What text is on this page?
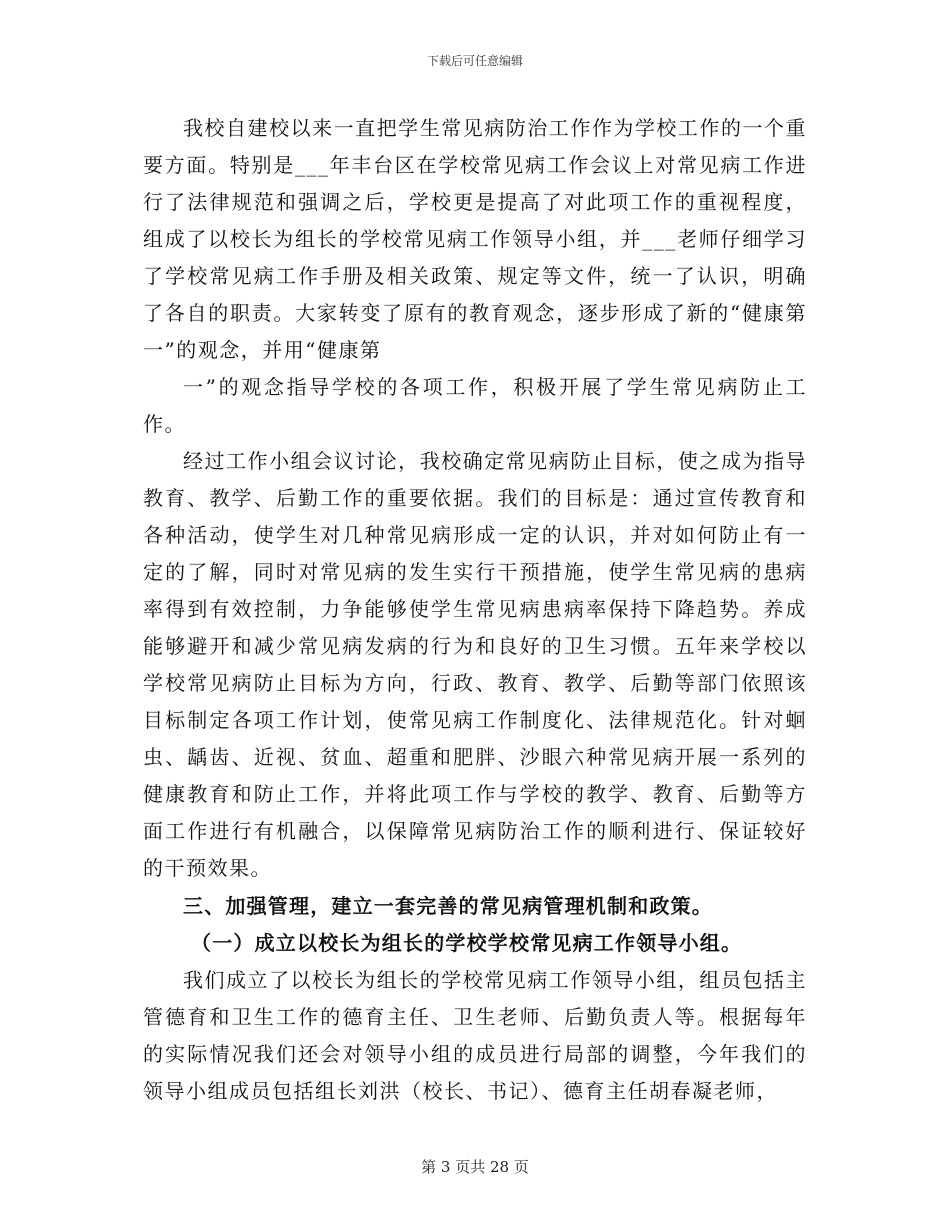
下载后可任意编辑

我校自建校以来一直把学生常见病防治工作作为学校工作的一个重要方面。特别是___年丰台区在学校常见病工作会议上对常见病工作进行了法律规范和强调之后，学校更是提高了对此项工作的重视程度，组成了以校长为组长的学校常见病工作领导小组，并___老师仔细学习了学校常见病工作手册及相关政策、规定等文件，统一了认识，明确了各自的职责。大家转变了原有的教育观念，逐步形成了新的“健康第一”的观念，并用“健康第

一”的观念指导学校的各项工作，积极开展了学生常见病防止工作。

经过工作小组会议讨论，我校确定常见病防止目标，使之成为指导教育、教学、后勤工作的重要依据。我们的目标是：通过宣传教育和各种活动，使学生对几种常见病形成一定的认识，并对如何防止有一定的了解，同时对常见病的发生实行干预措施，使学生常见病的患病率得到有效控制，力争能够使学生常见病患病率保持下降趋势。养成能够避开和减少常见病发病的行为和良好的卫生习惯。五年来学校以学校常见病防止目标为方向，行政、教育、教学、后勤等部门依照该目标制定各项工作计划，使常见病工作制度化、法律规范化。针对蛔虫、龋齿、近视、贫血、超重和肥胖、沙眼六种常见病开展一系列的健康教育和防止工作，并将此项工作与学校的教学、教育、后勤等方面工作进行有机融合，以保障常见病防治工作的顺利进行、保证较好的干预效果。

三、加强管理，建立一套完善的常见病管理机制和政策。

（一）成立以校长为组长的学校学校常见病工作领导小组。

我们成立了以校长为组长的学校常见病工作领导小组，组员包括主管德育和卫生工作的德育主任、卫生老师、后勤负责人等。根据每年的实际情况我们还会对领导小组的成员进行局部的调整，今年我们的领导小组成员包括组长刘洪（校长、书记）、德育主任胡春凝老师，

第 3 页共 28 页
